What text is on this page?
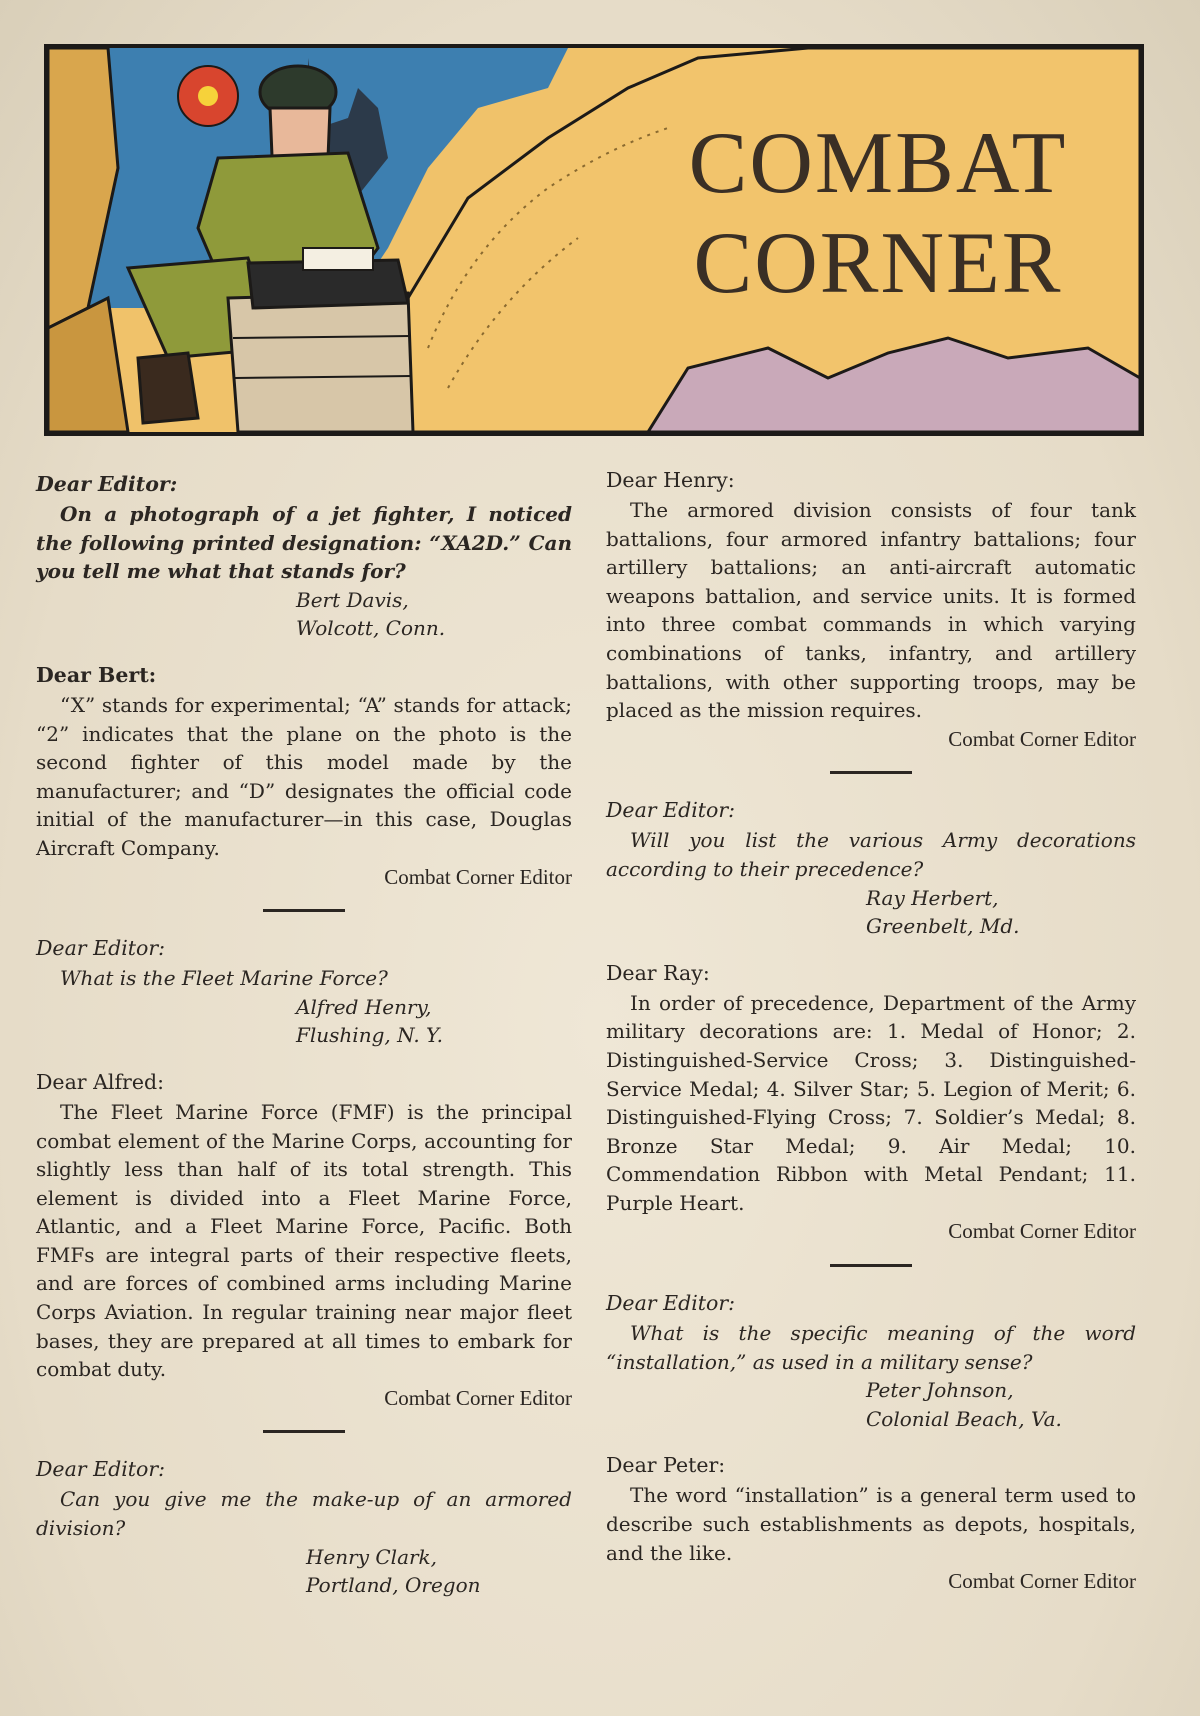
COMBAT
CORNER

Dear Editor:

On a photograph of a jet fighter, I noticed the following printed designation: “XA2D.” Can you tell me what that stands for?

Bert Davis,

Wolcott, Conn.

Dear Bert:

“X” stands for experimental; “A” stands for attack; “2” indicates that the plane on the photo is the second fighter of this model made by the manufacturer; and “D” designates the official code initial of the manufacturer—in this case, Douglas Aircraft Company.

Combat Corner Editor

Dear Editor:

What is the Fleet Marine Force?

Alfred Henry,

Flushing, N. Y.

Dear Alfred:

The Fleet Marine Force (FMF) is the principal combat element of the Marine Corps, accounting for slightly less than half of its total strength. This element is divided into a Fleet Marine Force, Atlantic, and a Fleet Marine Force, Pacific. Both FMFs are integral parts of their respective fleets, and are forces of combined arms including Marine Corps Aviation. In regular training near major fleet bases, they are prepared at all times to embark for combat duty.

Combat Corner Editor

Dear Editor:

Can you give me the make-up of an armored division?

Henry Clark,

Portland, Oregon

Dear Henry:

The armored division consists of four tank battalions, four armored infantry battalions; four artillery battalions; an anti-aircraft automatic weapons battalion, and service units. It is formed into three combat commands in which varying combinations of tanks, infantry, and artillery battalions, with other supporting troops, may be placed as the mission requires.

Combat Corner Editor

Dear Editor:

Will you list the various Army decorations according to their precedence?

Ray Herbert,

Greenbelt, Md.

Dear Ray:

In order of precedence, Department of the Army military decorations are: 1. Medal of Honor; 2. Distinguished-Service Cross; 3. Distinguished-Service Medal; 4. Silver Star; 5. Legion of Merit; 6. Distinguished-Flying Cross; 7. Soldier’s Medal; 8. Bronze Star Medal; 9. Air Medal; 10. Commendation Ribbon with Metal Pendant; 11. Purple Heart.

Combat Corner Editor

Dear Editor:

What is the specific meaning of the word “installation,” as used in a military sense?

Peter Johnson,

Colonial Beach, Va.

Dear Peter:

The word “installation” is a general term used to describe such establishments as depots, hospitals, and the like.

Combat Corner Editor
